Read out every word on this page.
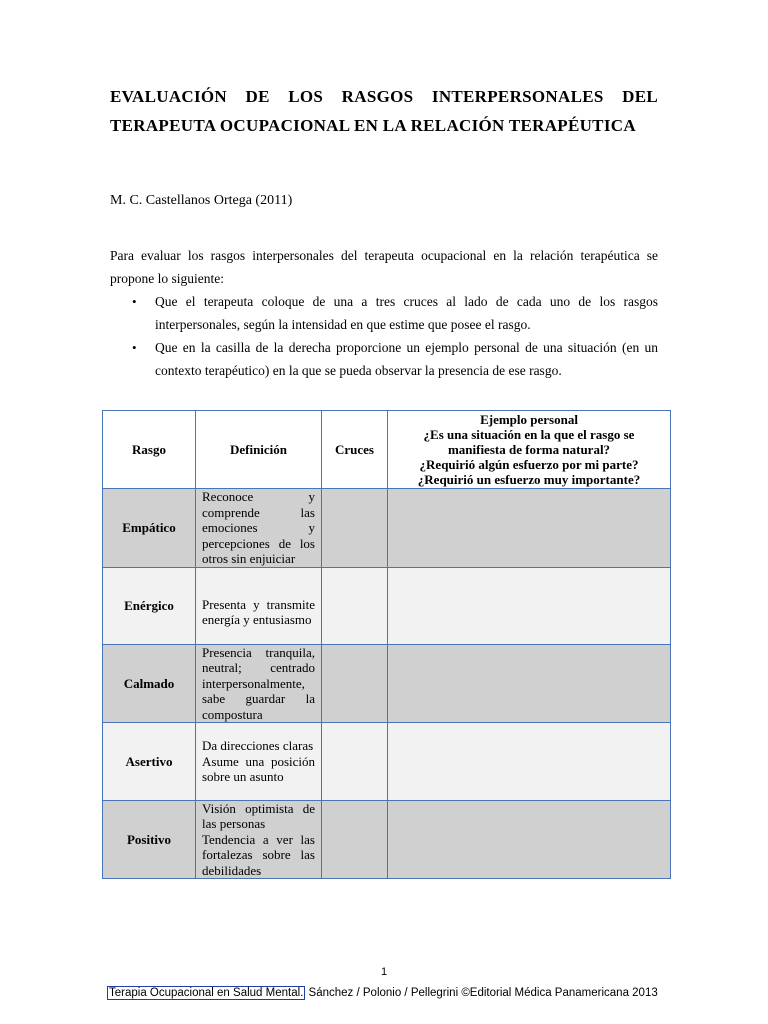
EVALUACIÓN DE LOS RASGOS INTERPERSONALES DEL TERAPEUTA OCUPACIONAL EN LA RELACIÓN TERAPÉUTICA
M. C. Castellanos Ortega (2011)
Para evaluar los rasgos interpersonales del terapeuta ocupacional en la relación terapéutica se propone lo siguiente:
• Que el terapeuta coloque de una a tres cruces al lado de cada uno de los rasgos interpersonales, según la intensidad en que estime que posee el rasgo.
• Que en la casilla de la derecha proporcione un ejemplo personal de una situación (en un contexto terapéutico) en la que se pueda observar la presencia de ese rasgo.
Rasgo	Definición	Cruces	Ejemplo personal
¿Es una situación en la que el rasgo se manifiesta de forma natural?
¿Requirió algún esfuerzo por mi parte?
¿Requirió un esfuerzo muy importante?

Empático	Reconoce y comprende las emociones y percepciones de los otros sin enjuiciar		
Enérgico	Presenta y transmite energía y entusiasmo		
Calmado	Presencia tranquila, neutral; centrado interpersonalmente, sabe guardar la compostura		
Asertivo	Da direcciones claras
Asume una posición sobre un asunto		
Positivo	Visión optimista de las personas
Tendencia a ver las fortalezas sobre las debilidades		
1
Terapia Ocupacional en Salud Mental. Sánchez / Polonio / Pellegrini ©Editorial Médica Panamericana 2013
